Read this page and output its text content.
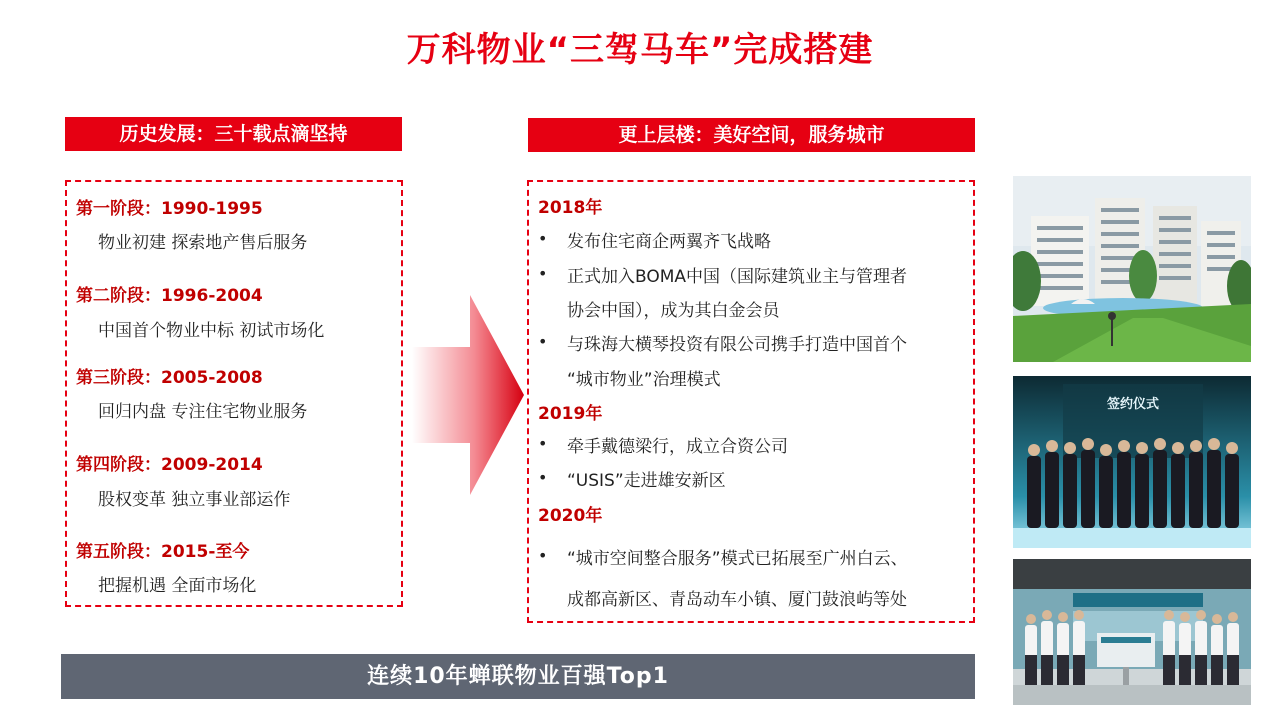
万科物业“三驾马车”完成搭建
历史发展：三十载点滴坚持
第一阶段：1990-1995
物业初建 探索地产售后服务
第二阶段：1996-2004
中国首个物业中标 初试市场化
第三阶段：2005-2008
回归内盘 专注住宅物业服务
第四阶段：2009-2014
股权变革 独立事业部运作
第五阶段：2015-至今
把握机遇 全面市场化
更上层楼：美好空间，服务城市
2018年
• 发布住宅商企两翼齐飞战略
• 正式加入BOMA中国（国际建筑业主与管理者
协会中国），成为其白金会员
• 与珠海大横琴投资有限公司携手打造中国首个
“城市物业”治理模式
2019年
• 牵手戴德梁行，成立合资公司
• “USIS”走进雄安新区
2020年
• “城市空间整合服务”模式已拓展至广州白云、
成都高新区、青岛动车小镇、厦门鼓浪屿等处
连续10年蝉联物业百强Top1
签约仪式
